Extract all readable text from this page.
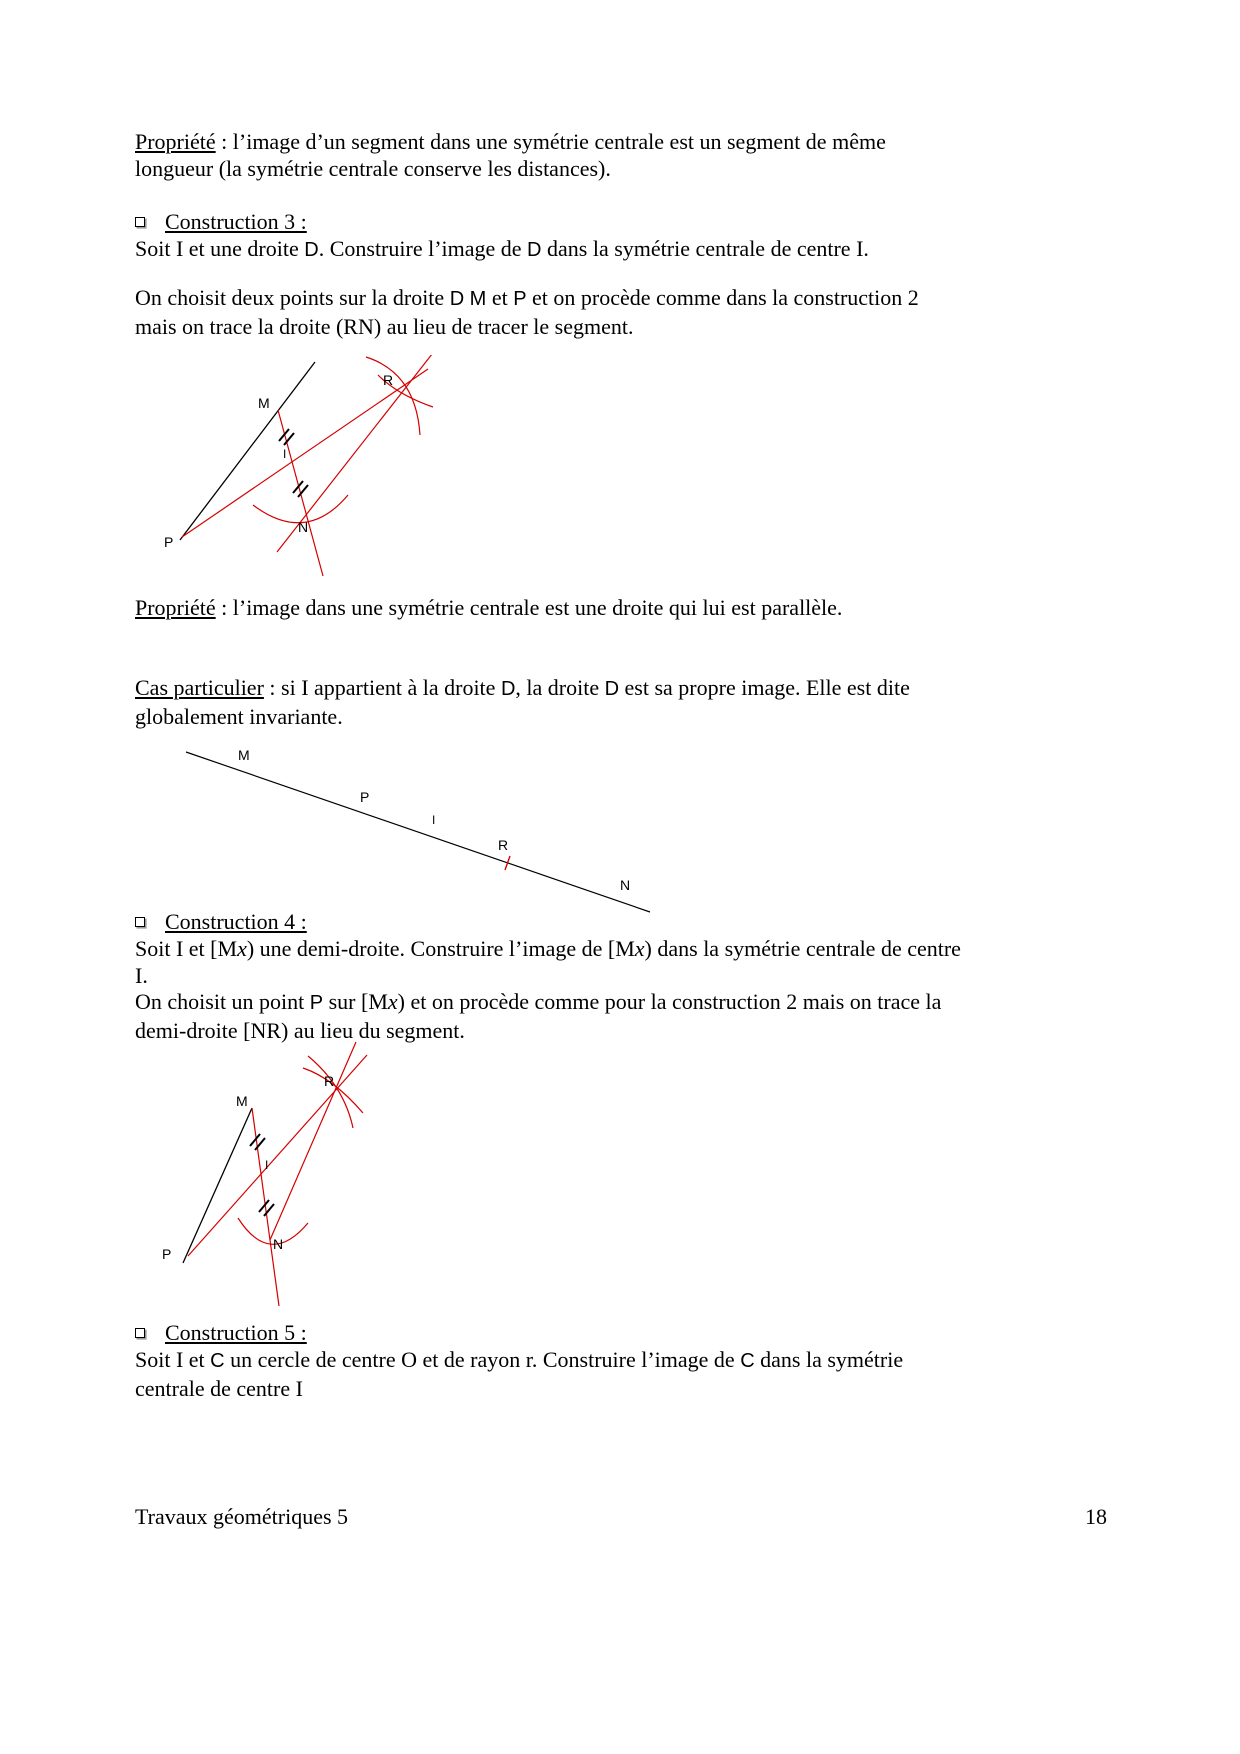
Propriété : l’image d’un segment dans une symétrie centrale est un segment de même
longueur (la symétrie centrale conserve les distances).
Construction 3 :
Soit I et une droite D. Construire l’image de D dans la symétrie centrale de centre I.
On choisit deux points sur la droite D M et P et on procède comme dans la construction 2
mais on trace la droite (RN) au lieu de tracer le segment.
M
R
I
N
P
Propriété : l’image dans une symétrie centrale est une droite qui lui est parallèle.
Cas particulier : si I appartient à la droite D, la droite D est sa propre image. Elle est dite
globalement invariante.
M
P
I
R
N
Construction 4 :
Soit I et [Mx) une demi-droite. Construire l’image de [Mx) dans la symétrie centrale de centre
I.
On choisit un point P sur [Mx) et on procède comme pour la construction 2 mais on trace la
demi-droite [NR) au lieu du segment.
M
R
I
N
P
Construction 5 :
Soit I et C un cercle de centre O et de rayon r. Construire l’image de C dans la symétrie
centrale de centre I
Travaux géométriques 5	18
